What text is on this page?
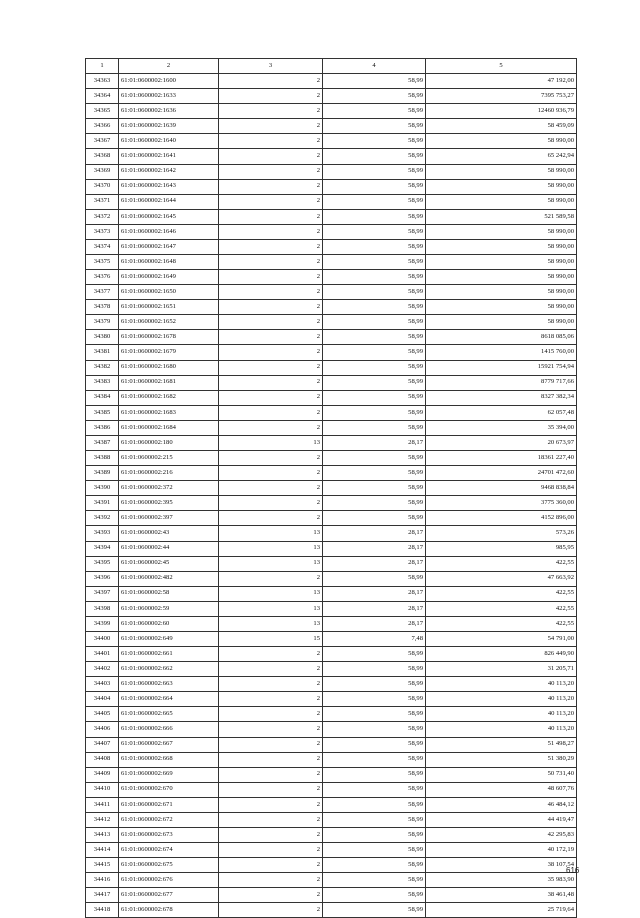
1	2	3	4	5
34363	61:01:0600002:1600	2	58,99	47 192,00
34364	61:01:0600002:1633	2	58,99	7395 753,27
34365	61:01:0600002:1636	2	58,99	12460 936,79
34366	61:01:0600002:1639	2	58,99	58 459,09
34367	61:01:0600002:1640	2	58,99	58 990,00
34368	61:01:0600002:1641	2	58,99	65 242,94
34369	61:01:0600002:1642	2	58,99	58 990,00
34370	61:01:0600002:1643	2	58,99	58 990,00
34371	61:01:0600002:1644	2	58,99	58 990,00
34372	61:01:0600002:1645	2	58,99	521 589,58
34373	61:01:0600002:1646	2	58,99	58 990,00
34374	61:01:0600002:1647	2	58,99	58 990,00
34375	61:01:0600002:1648	2	58,99	58 990,00
34376	61:01:0600002:1649	2	58,99	58 990,00
34377	61:01:0600002:1650	2	58,99	58 990,00
34378	61:01:0600002:1651	2	58,99	58 990,00
34379	61:01:0600002:1652	2	58,99	58 990,00
34380	61:01:0600002:1678	2	58,99	8618 085,06
34381	61:01:0600002:1679	2	58,99	1415 760,00
34382	61:01:0600002:1680	2	58,99	15921 754,94
34383	61:01:0600002:1681	2	58,99	8779 717,66
34384	61:01:0600002:1682	2	58,99	8327 382,34
34385	61:01:0600002:1683	2	58,99	62 057,48
34386	61:01:0600002:1684	2	58,99	35 394,00
34387	61:01:0600002:180	13	28,17	20 673,97
34388	61:01:0600002:215	2	58,99	18361 227,40
34389	61:01:0600002:216	2	58,99	24701 472,60
34390	61:01:0600002:372	2	58,99	9468 838,84
34391	61:01:0600002:395	2	58,99	3775 360,00
34392	61:01:0600002:397	2	58,99	4152 896,00
34393	61:01:0600002:43	13	28,17	573,26
34394	61:01:0600002:44	13	28,17	985,95
34395	61:01:0600002:45	13	28,17	422,55
34396	61:01:0600002:482	2	58,99	47 663,92
34397	61:01:0600002:58	13	28,17	422,55
34398	61:01:0600002:59	13	28,17	422,55
34399	61:01:0600002:60	13	28,17	422,55
34400	61:01:0600002:649	15	7,48	54 791,00
34401	61:01:0600002:661	2	58,99	826 449,90
34402	61:01:0600002:662	2	58,99	31 205,71
34403	61:01:0600002:663	2	58,99	40 113,20
34404	61:01:0600002:664	2	58,99	40 113,20
34405	61:01:0600002:665	2	58,99	40 113,20
34406	61:01:0600002:666	2	58,99	40 113,20
34407	61:01:0600002:667	2	58,99	51 498,27
34408	61:01:0600002:668	2	58,99	51 380,29
34409	61:01:0600002:669	2	58,99	50 731,40
34410	61:01:0600002:670	2	58,99	48 607,76
34411	61:01:0600002:671	2	58,99	46 484,12
34412	61:01:0600002:672	2	58,99	44 419,47
34413	61:01:0600002:673	2	58,99	42 295,83
34414	61:01:0600002:674	2	58,99	40 172,19
34415	61:01:0600002:675	2	58,99	38 107,54
34416	61:01:0600002:676	2	58,99	35 983,90
34417	61:01:0600002:677	2	58,99	38 461,48
34418	61:01:0600002:678	2	58,99	25 719,64
616
